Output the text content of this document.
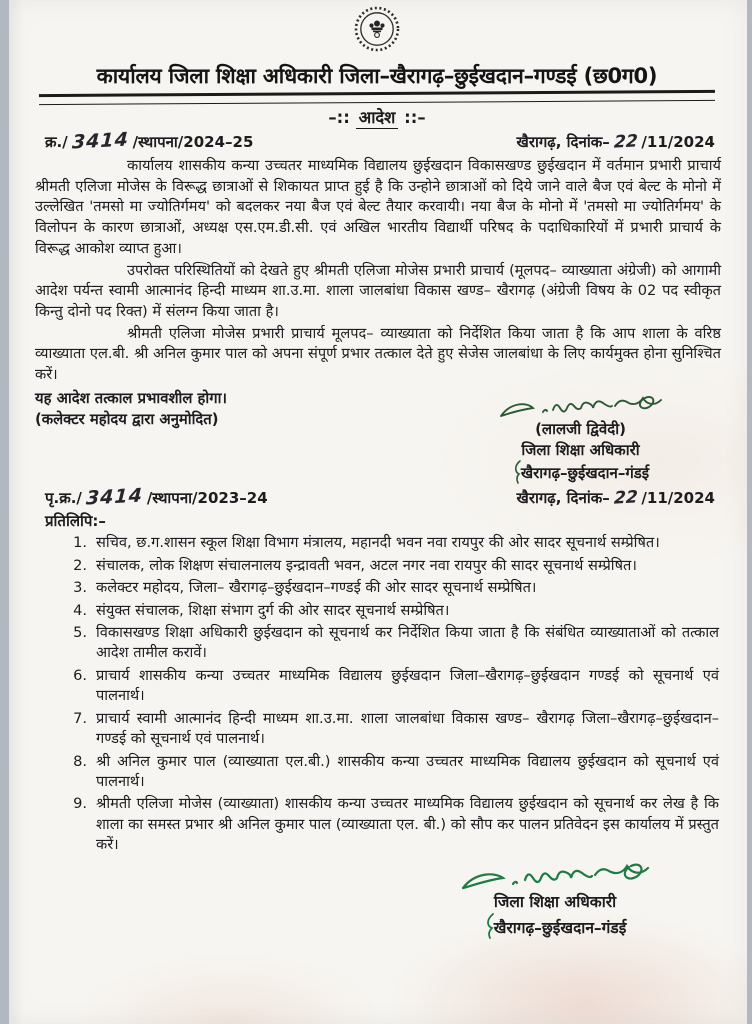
कार्यालय जिला शिक्षा अधिकारी जिला–खैरागढ़–छुईखदान–गण्डई (छ0ग0)
–:: आदेश ::–
क्र./ 3414 /स्थापना/2024–25	खैरागढ़, दिनांक– 22 /11/2024
कार्यालय शासकीय कन्या उच्चतर माध्यमिक विद्यालय छुईखदान विकासखण्ड छुईखदान में वर्तमान प्रभारी प्राचार्य श्रीमती एलिजा मोजेस के विरूद्ध छात्राओं से शिकायत प्राप्त हुई है कि उन्होने छात्राओं को दिये जाने वाले बैज एवं बेल्ट के मोनो में उल्लेखित 'तमसो मा ज्योतिर्गमय' को बदलकर नया बैज एवं बेल्ट तैयार करवायी। नया बैज के मोनो में 'तमसो मा ज्योतिर्गमय' के विलोपन के कारण छात्राओं, अध्यक्ष एस.एम.डी.सी. एवं अखिल भारतीय विद्यार्थी परिषद के पदाधिकारियों में प्रभारी प्राचार्य के विरूद्ध आकोश व्याप्त हुआ।
उपरोक्त परिस्थितियों को देखते हुए श्रीमती एलिजा मोजेस प्रभारी प्राचार्य (मूलपद– व्याख्याता अंग्रेजी) को आगामी आदेश पर्यन्त स्वामी आत्मानंद हिन्दी माध्यम शा.उ.मा. शाला जालबांधा विकास खण्ड– खैरागढ़ (अंग्रेजी विषय के 02 पद स्वीकृत किन्तु दोनो पद रिक्त) में संलग्न किया जाता है।
श्रीमती एलिजा मोजेस प्रभारी प्राचार्य मूलपद– व्याख्याता को निर्देशित किया जाता है कि आप शाला के वरिष्ठ व्याख्याता एल.बी. श्री अनिल कुमार पाल को अपना संपूर्ण प्रभार तत्काल देते हुए सेजेस जालबांधा के लिए कार्यमुक्त होना सुनिश्चित करें।
यह आदेश तत्काल प्रभावशील होगा।
(कलेक्टर महोदय द्वारा अनुमोदित)
(लालजी द्विवेदी)
जिला शिक्षा अधिकारी
खैरागढ़–छुईखदान–गंडई
पृ.क्र./ 3414 /स्थापना/2023–24	खैरागढ़, दिनांक– 22 /11/2024
प्रतिलिपि:–
1. सचिव, छ.ग.शासन स्कूल शिक्षा विभाग मंत्रालय, महानदी भवन नवा रायपुर की ओर सादर सूचनार्थ सम्प्रेषित।
2. संचालक, लोक शिक्षण संचालनालय इन्द्रावती भवन, अटल नगर नवा रायपुर की सादर सूचनार्थ सम्प्रेषित।
3. कलेक्टर महोदय, जिला– खैरागढ़–छुईखदान–गण्डई की ओर सादर सूचनार्थ सम्प्रेषित।
4. संयुक्त संचालक, शिक्षा संभाग दुर्ग की ओर सादर सूचनार्थ सम्प्रेषित।
5. विकासखण्ड शिक्षा अधिकारी छुईखदान को सूचनार्थ कर निर्देशित किया जाता है कि संबंधित व्याख्याताओं को तत्काल आदेश तामील करावें।
6. प्राचार्य शासकीय कन्या उच्चतर माध्यमिक विद्यालय छुईखदान जिला–खैरागढ़–छुईखदान गण्डई को सूचनार्थ एवं पालनार्थ।
7. प्राचार्य स्वामी आत्मानंद हिन्दी माध्यम शा.उ.मा. शाला जालबांधा विकास खण्ड– खैरागढ़ जिला–खैरागढ़–छुईखदान–गण्डई को सूचनार्थ एवं पालनार्थ।
8. श्री अनिल कुमार पाल (व्याख्याता एल.बी.) शासकीय कन्या उच्चतर माध्यमिक विद्यालय छुईखदान को सूचनार्थ एवं पालनार्थ।
9. श्रीमती एलिजा मोजेस (व्याख्याता) शासकीय कन्या उच्चतर माध्यमिक विद्यालय छुईखदान को सूचनार्थ कर लेख है कि शाला का समस्त प्रभार श्री अनिल कुमार पाल (व्याख्याता एल. बी.) को सौप कर पालन प्रतिवेदन इस कार्यालय में प्रस्तुत करें।
जिला शिक्षा अधिकारी
खैरागढ़–छुईखदान–गंडई
